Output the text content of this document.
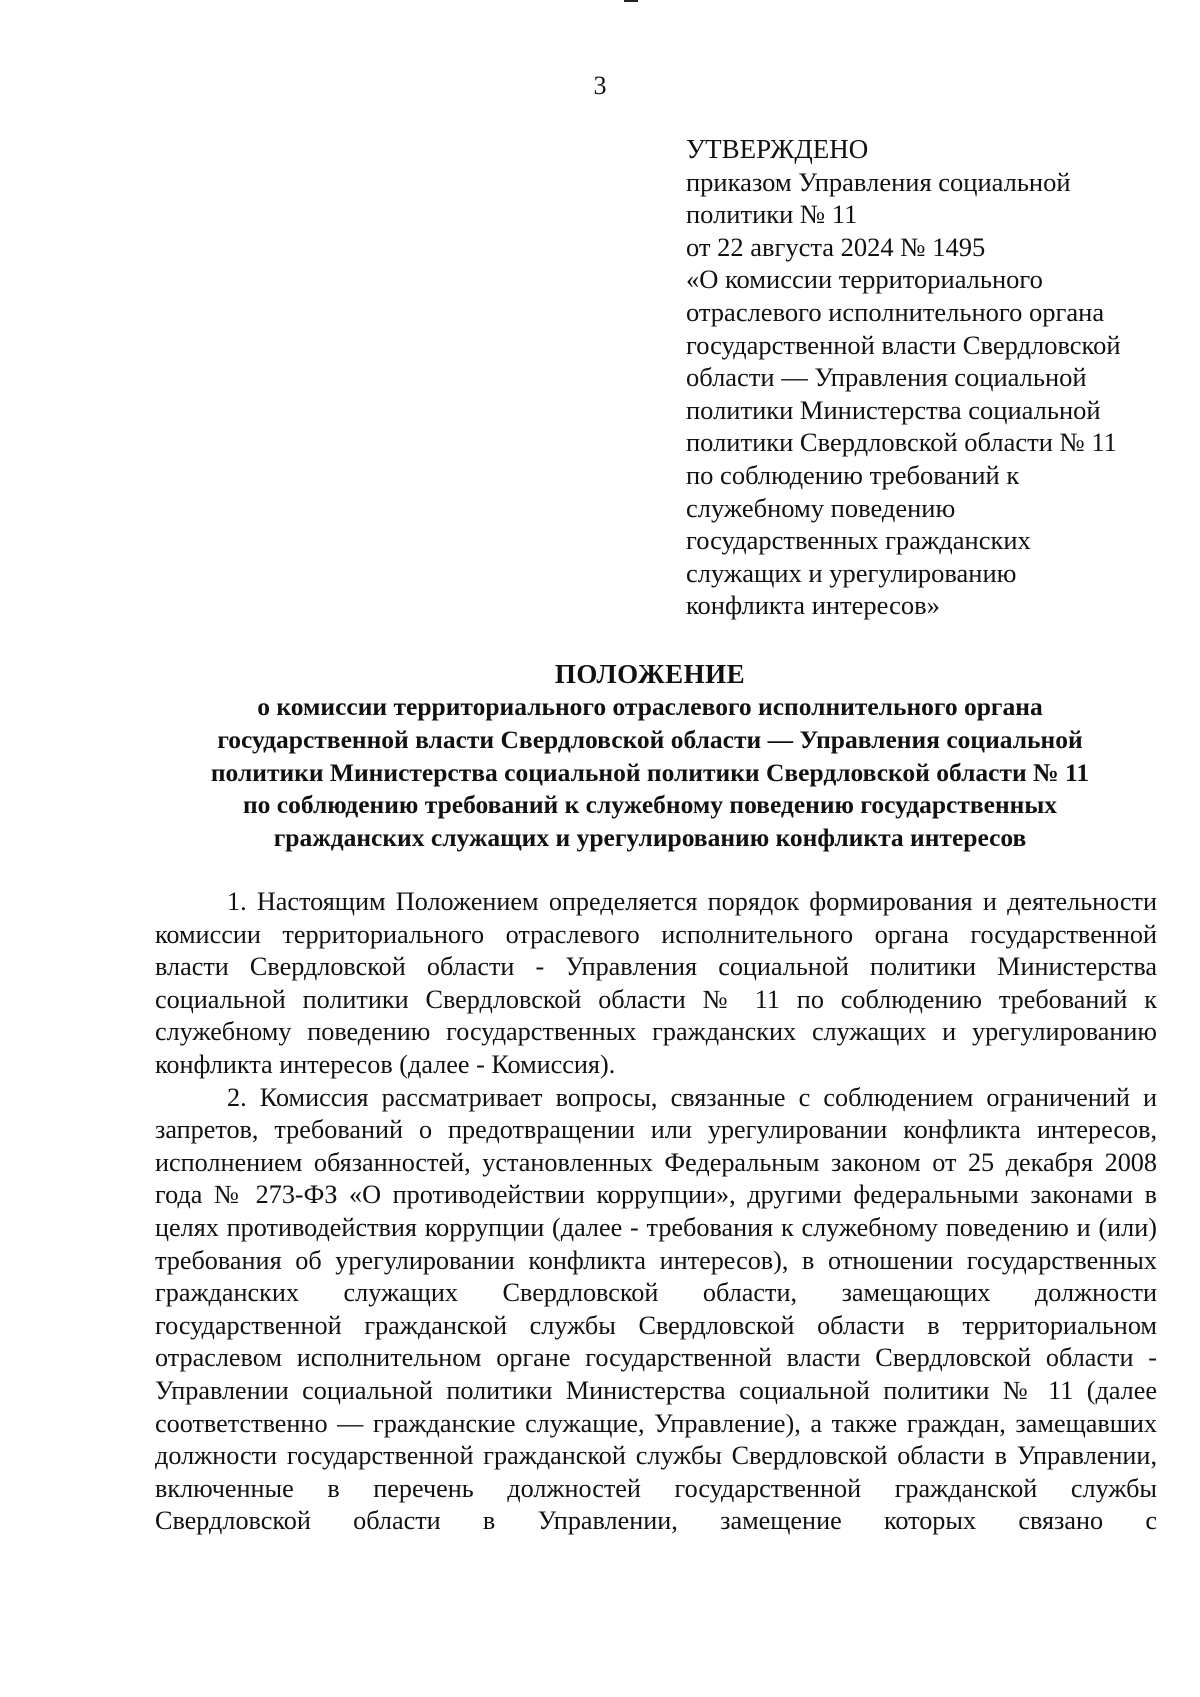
3
УТВЕРЖДЕНО
приказом Управления социальной
политики № 11
от 22 августа 2024 № 1495
«О комиссии территориального
отраслевого исполнительного органа
государственной власти Свердловской
области — Управления социальной
политики Министерства социальной
политики Свердловской области № 11
по соблюдению требований к
служебному поведению
государственных гражданских
служащих и урегулированию
конфликта интересов»
ПОЛОЖЕНИЕ
о комиссии территориального отраслевого исполнительного органа
государственной власти Свердловской области — Управления социальной
политики Министерства социальной политики Свердловской области № 11
по соблюдению требований к служебному поведению государственных
гражданских служащих и урегулированию конфликта интересов

1. Настоящим Положением определяется порядок формирования и деятельности комиссии территориального отраслевого исполнительного органа государственной власти Свердловской области - Управления социальной политики Министерства социальной политики Свердловской области № 11 по соблюдению требований к служебному поведению государственных гражданских служащих и урегулированию конфликта интересов (далее - Комиссия).

2. Комиссия рассматривает вопросы, связанные с соблюдением ограничений и запретов, требований о предотвращении или урегулировании конфликта интересов, исполнением обязанностей, установленных Федеральным законом от 25 декабря 2008 года № 273-ФЗ «О противодействии коррупции», другими федеральными законами в целях противодействия коррупции (далее - требования к служебному поведению и (или) требования об урегулировании конфликта интересов), в отношении государственных гражданских служащих Свердловской области, замещающих должности государственной гражданской службы Свердловской области в территориальном отраслевом исполнительном органе государственной власти Свердловской области - Управлении социальной политики Министерства социальной политики № 11 (далее соответственно — гражданские служащие, Управление), а также граждан, замещавших должности государственной гражданской службы Свердловской области в Управлении, включенные в перечень должностей государственной гражданской службы Свердловской области в Управлении, замещение которых связано с
